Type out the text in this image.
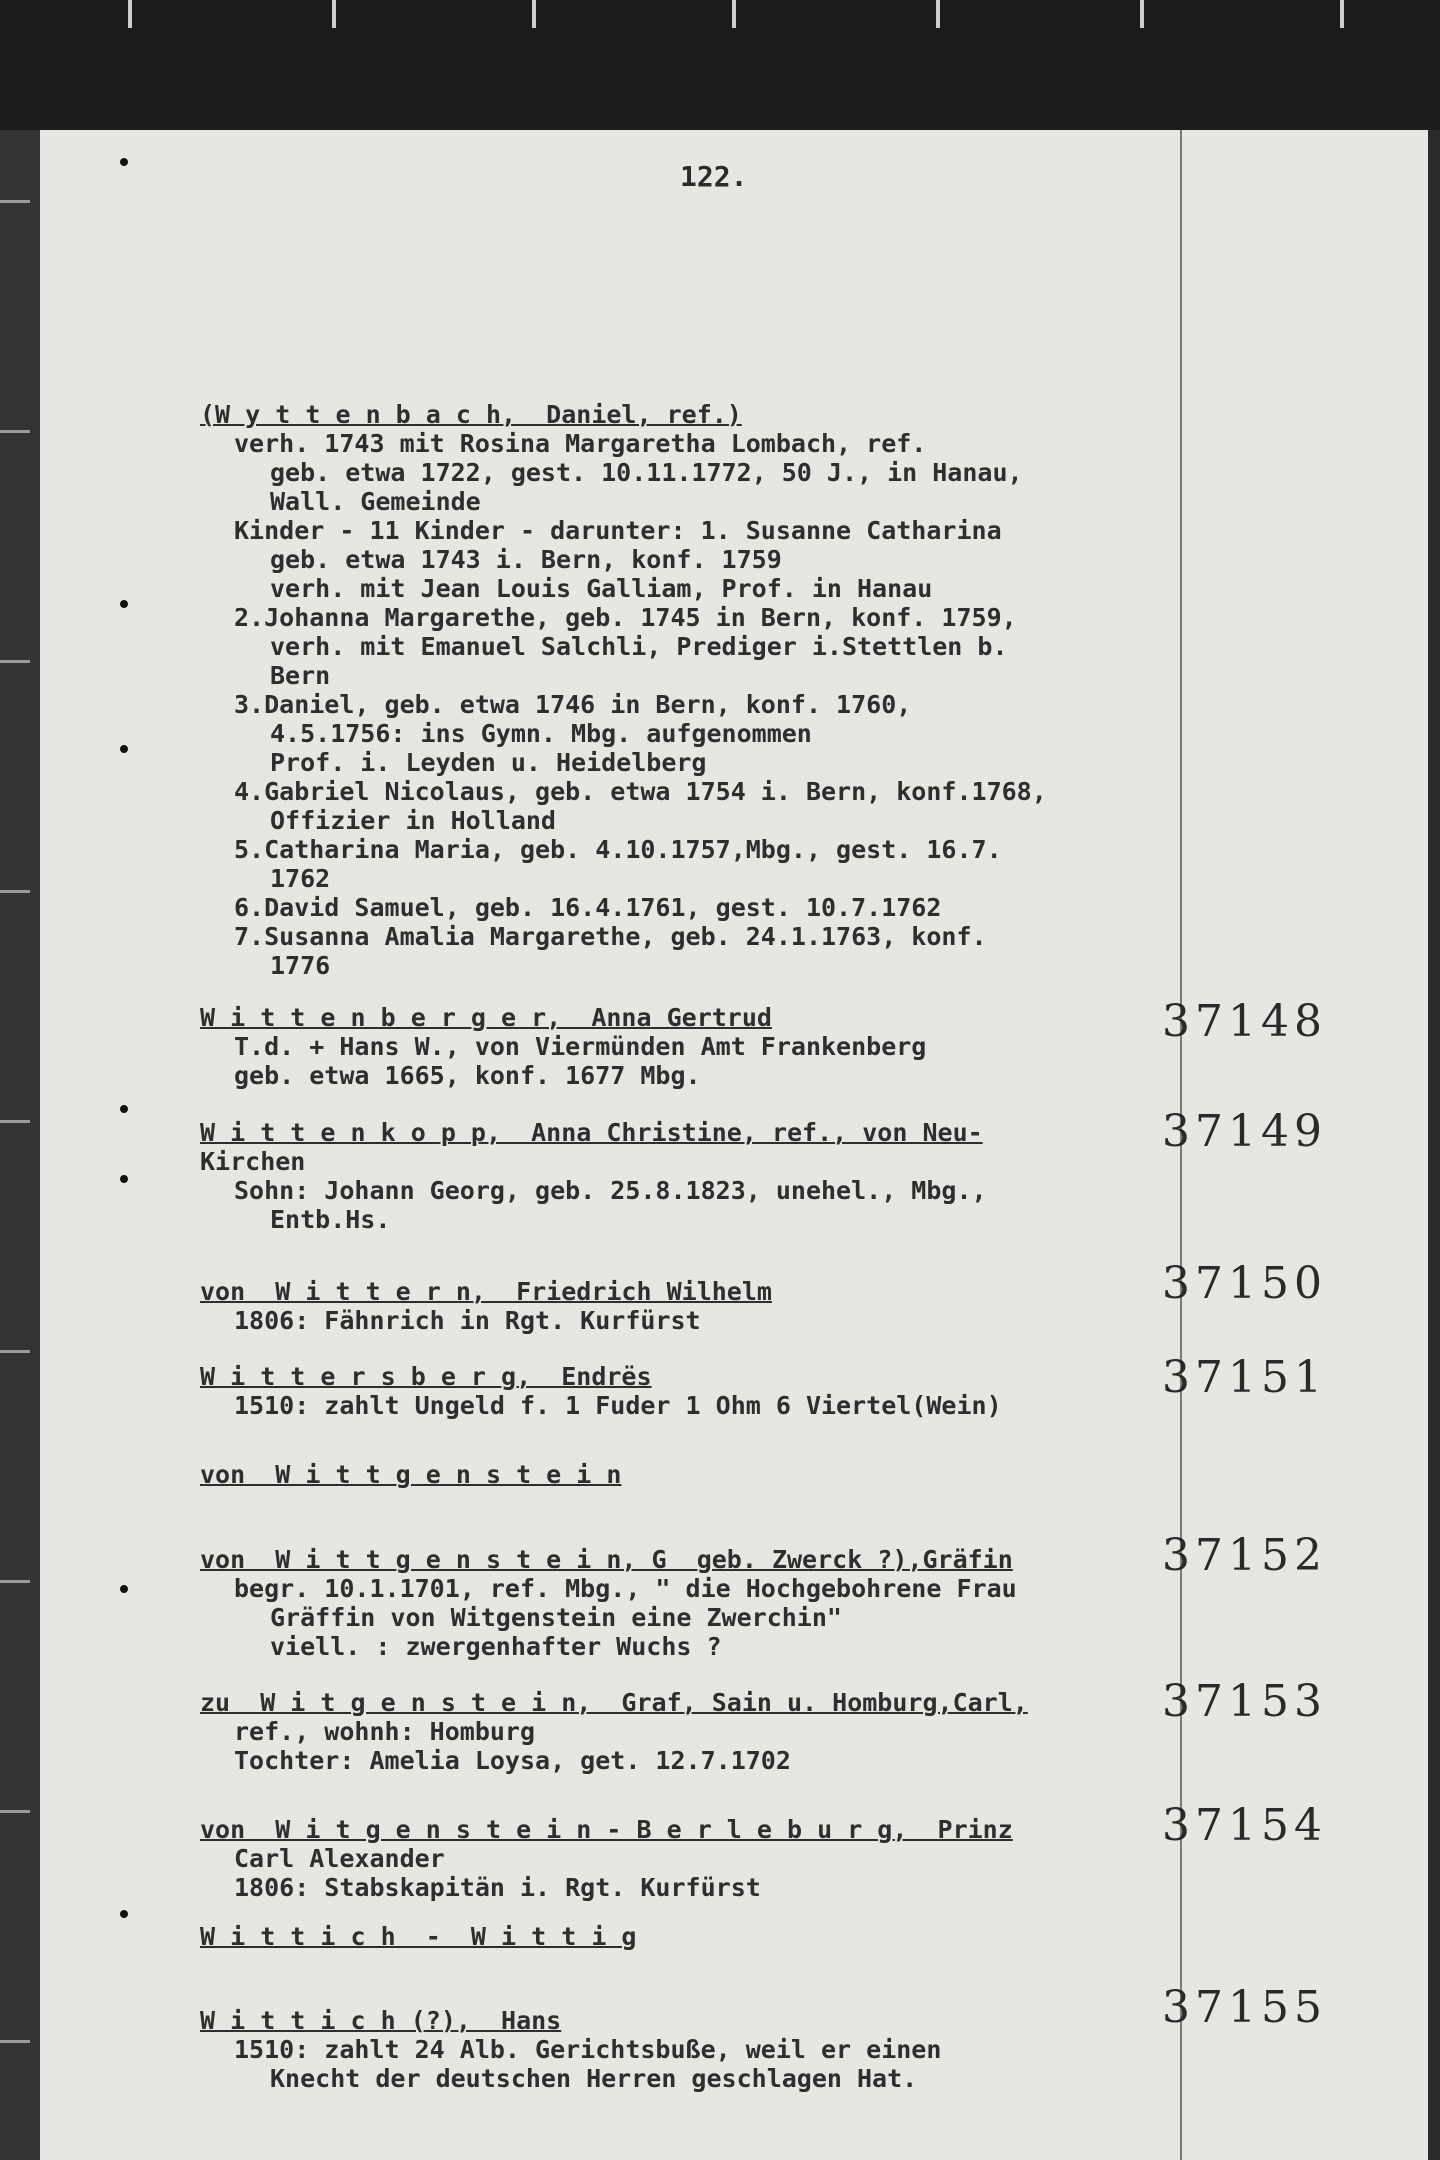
122.
(W y t t e n b a c h,  Daniel, ref.)
verh. 1743 mit Rosina Margaretha Lombach, ref.
geb. etwa 1722, gest. 10.11.1772, 50 J., in Hanau,
Wall. Gemeinde
Kinder - 11 Kinder - darunter: 1. Susanne Catharina
geb. etwa 1743 i. Bern, konf. 1759
verh. mit Jean Louis Galliam, Prof. in Hanau
2.Johanna Margarethe, geb. 1745 in Bern, konf. 1759,
verh. mit Emanuel Salchli, Prediger i.Stettlen b.
Bern
3.Daniel, geb. etwa 1746 in Bern, konf. 1760,
4.5.1756: ins Gymn. Mbg. aufgenommen
Prof. i. Leyden u. Heidelberg
4.Gabriel Nicolaus, geb. etwa 1754 i. Bern, konf.1768,
Offizier in Holland
5.Catharina Maria, geb. 4.10.1757,Mbg., gest. 16.7.
1762
6.David Samuel, geb. 16.4.1761, gest. 10.7.1762
7.Susanna Amalia Margarethe, geb. 24.1.1763, konf.
1776
W i t t e n b e r g e r,  Anna Gertrud
T.d. + Hans W., von Viermünden Amt Frankenberg
geb. etwa 1665, konf. 1677 Mbg.
37148
W i t t e n k o p p,  Anna Christine, ref., von Neu-
Kirchen
Sohn: Johann Georg, geb. 25.8.1823, unehel., Mbg.,
Entb.Hs.
37149
von  W i t t e r n,  Friedrich Wilhelm
1806: Fähnrich in Rgt. Kurfürst
37150
W i t t e r s b e r g,  Endrës
1510: zahlt Ungeld f. 1 Fuder 1 Ohm 6 Viertel(Wein)
37151
von  W i t t g e n s t e i n
von  W i t t g e n s t e i n, G  geb. Zwerck ?),Gräfin
begr. 10.1.1701, ref. Mbg., " die Hochgebohrene Frau
Gräffin von Witgenstein eine Zwerchin"
viell. : zwergenhafter Wuchs ?
37152
zu  W i t g e n s t e i n,  Graf, Sain u. Homburg,Carl,
ref., wohnh: Homburg
Tochter: Amelia Loysa, get. 12.7.1702
37153
von  W i t g e n s t e i n - B e r l e b u r g,  Prinz
Carl Alexander
1806: Stabskapitän i. Rgt. Kurfürst
37154
W i t t i c h  -  W i t t i g
W i t t i c h (?),  Hans
1510: zahlt 24 Alb. Gerichtsbuße, weil er einen
Knecht der deutschen Herren geschlagen Hat.
37155
